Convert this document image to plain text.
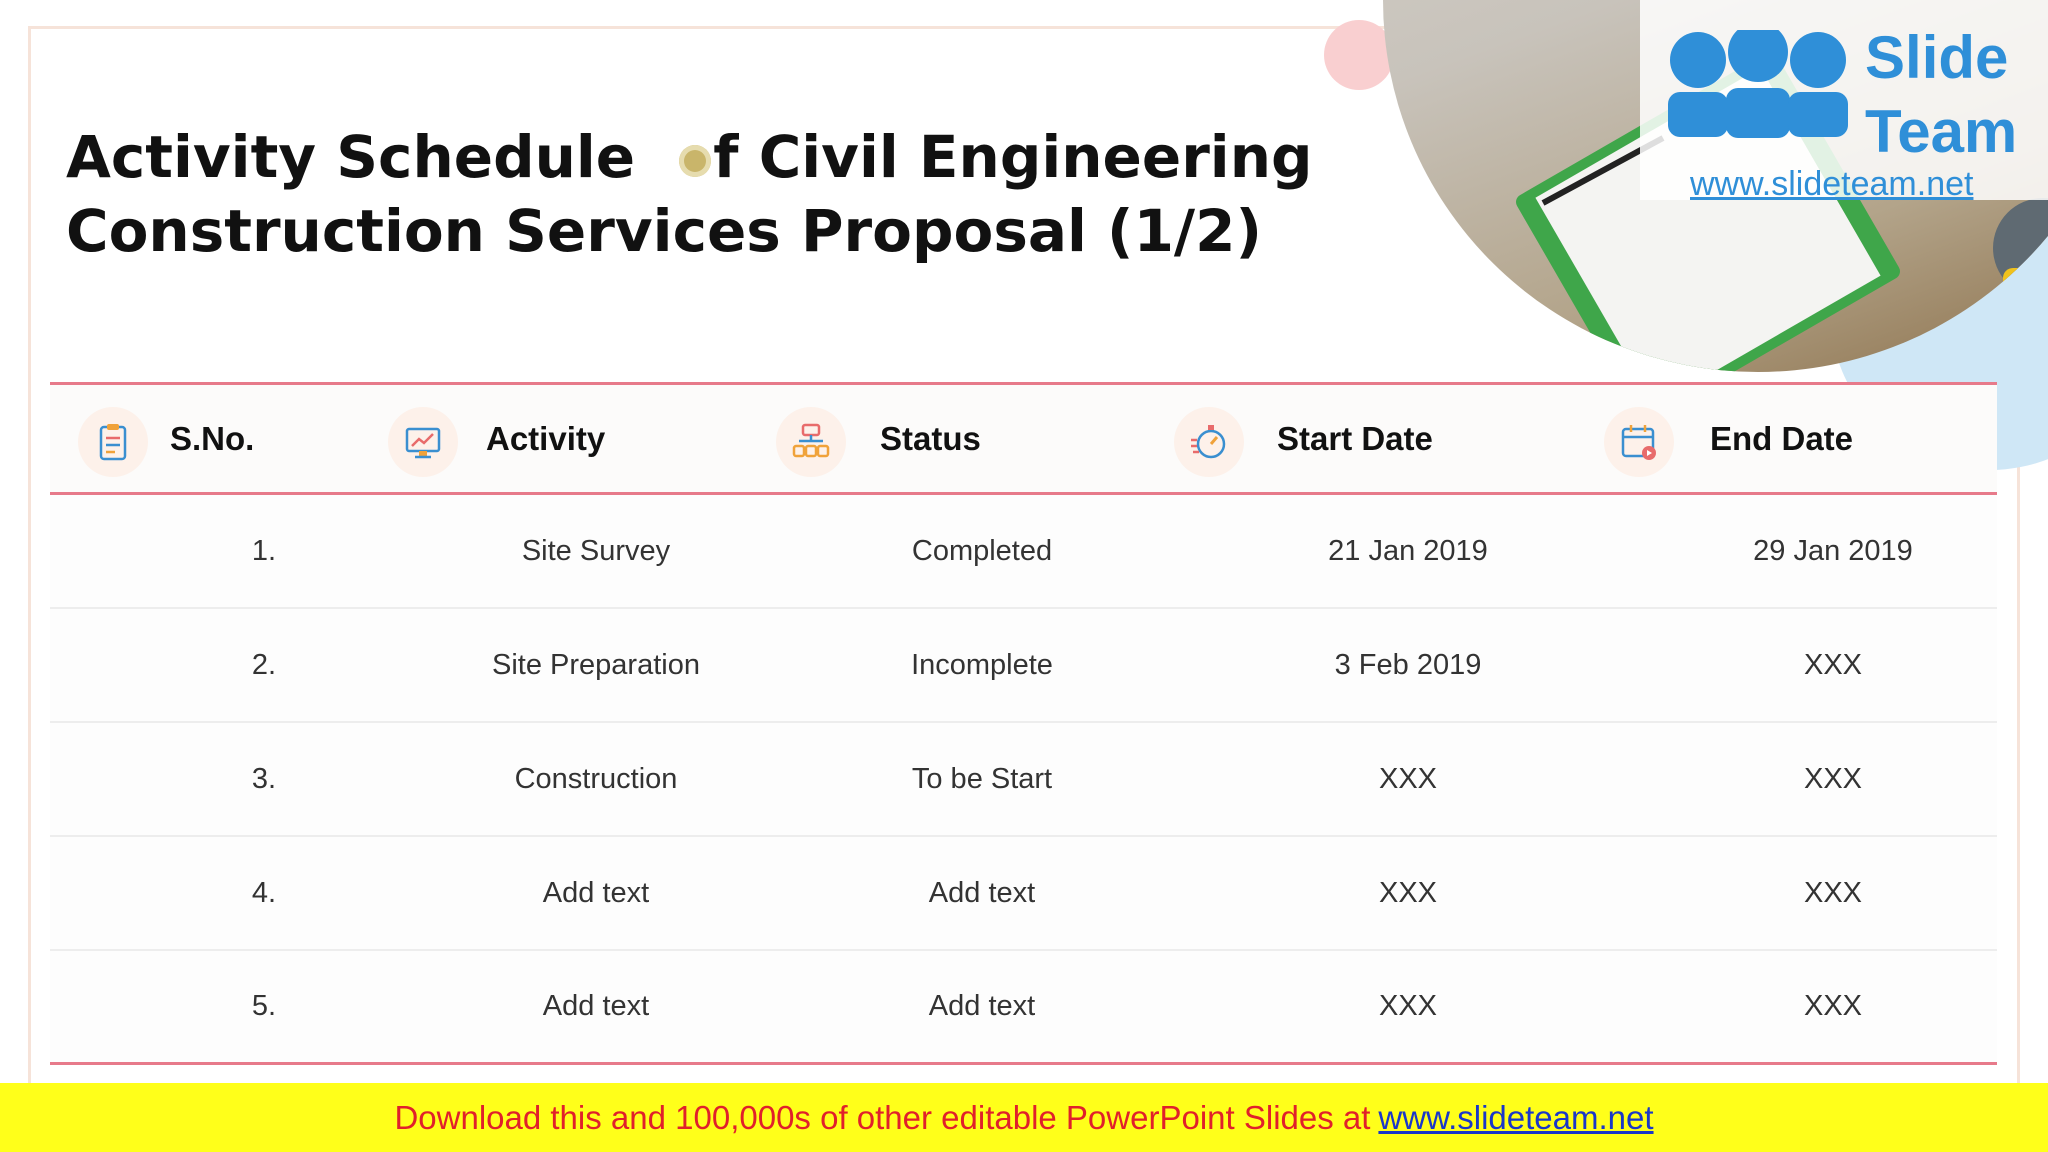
Slide
Team
www.slideteam.net
Activity Schedule f Civil Engineering
Construction Services Proposal (1/2)
S.No.	Activity	Status	Start Date	End Date
1.	Site Survey	Completed	21 Jan 2019	29 Jan 2019
2.	Site Preparation	Incomplete	3 Feb 2019	XXX
3.	Construction	To be Start	XXX	XXX
4.	Add text	Add text	XXX	XXX
5.	Add text	Add text	XXX	XXX
Download this and 100,000s of other editable PowerPoint Slides at www.slideteam.net
